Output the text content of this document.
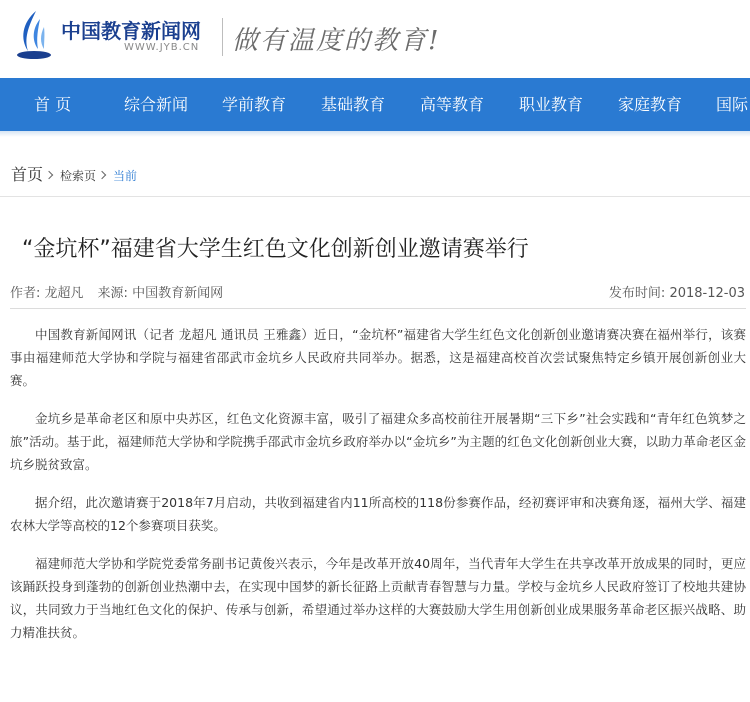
中国教育新闻网
WWW.JYB.CN 做有温度的教育!
首 页	综合新闻 学前教育 基础教育 高等教育 职业教育 家庭教育 国际
首页 检索页 当前
“金坑杯”福建省大学生红色文化创新创业邀请赛举行
作者: 龙超凡 来源: 中国教育新闻网	发布时间: 2018-12-03

中国教育新闻网讯（记者 龙超凡 通讯员 王雅鑫）近日，“金坑杯”福建省大学生红色文化创新创业邀请赛决赛在福州举行，该赛事由福建师范大学协和学院与福建省邵武市金坑乡人民政府共同举办。据悉，这是福建高校首次尝试聚焦特定乡镇开展创新创业大赛。

金坑乡是革命老区和原中央苏区，红色文化资源丰富，吸引了福建众多高校前往开展暑期“三下乡”社会实践和“青年红色筑梦之旅”活动。基于此，福建师范大学协和学院携手邵武市金坑乡政府举办以“金坑乡”为主题的红色文化创新创业大赛，以助力革命老区金坑乡脱贫致富。

据介绍，此次邀请赛于2018年7月启动，共收到福建省内11所高校的118份参赛作品，经初赛评审和决赛角逐，福州大学、福建农林大学等高校的12个参赛项目获奖。

福建师范大学协和学院党委常务副书记黄俊兴表示，今年是改革开放40周年，当代青年大学生在共享改革开放成果的同时，更应该踊跃投身到蓬勃的创新创业热潮中去，在实现中国梦的新长征路上贡献青春智慧与力量。学校与金坑乡人民政府签订了校地共建协议，共同致力于当地红色文化的保护、传承与创新，希望通过举办这样的大赛鼓励大学生用创新创业成果服务革命老区振兴战略、助力精准扶贫。
